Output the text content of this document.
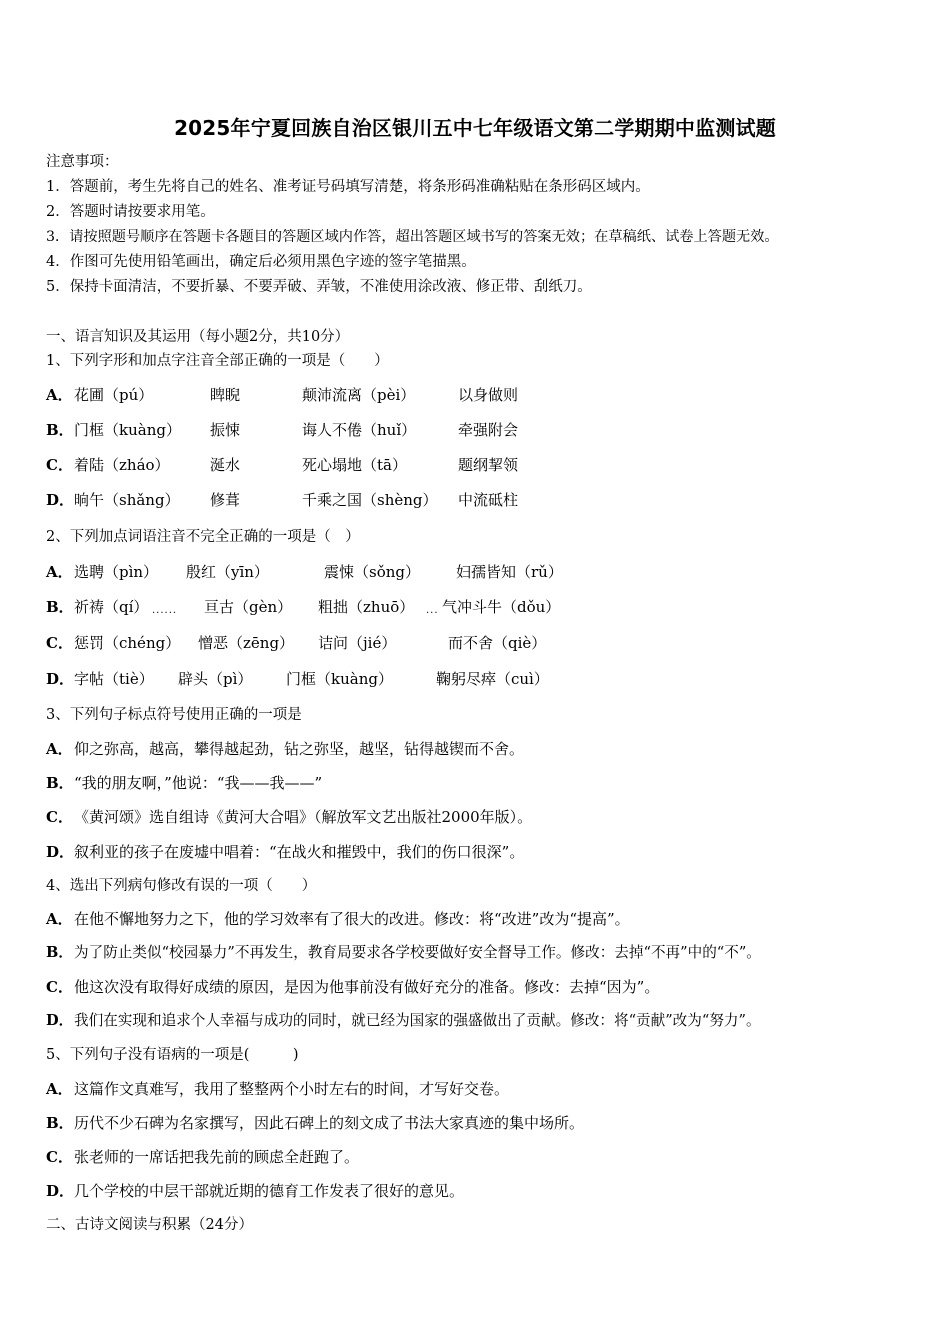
2025年宁夏回族自治区银川五中七年级语文第二学期期中监测试题
注意事项：
1．答题前，考生先将自己的姓名、准考证号码填写清楚，将条形码准确粘贴在条形码区域内。
2．答题时请按要求用笔。
3．请按照题号顺序在答题卡各题目的答题区域内作答，超出答题区域书写的答案无效；在草稿纸、试卷上答题无效。
4．作图可先使用铅笔画出，确定后必须用黑色字迹的签字笔描黑。
5．保持卡面清洁，不要折暴、不要弄破、弄皱，不准使用涂改液、修正带、刮纸刀。
一、语言知识及其运用（每小题2分，共10分）
1、下列字形和加点字注音全部正确的一项是（　　）
A． 花圃（pú）	睥睨	颠沛流离（pèi）	以身做则
B． 门框（kuàng） 振悚	诲人不倦（huǐ）	牵强附会
C． 着陆（zháo）	涎水	死心塌地（tā）	题纲挈领
D． 晌午（shǎng） 修葺	千乘之国（shèng） 中流砥柱
2、下列加点词语注音不完全正确的一项是（　）
A． 选聘（pìn） 殷红（yīn）	震悚（sǒng） 妇孺皆知（rǔ）
B． 祈祷（qí） ...... 亘古（gèn） 粗拙（zhuō） ... 气冲斗牛（dǒu）
C． 惩罚（chéng） 憎恶（zēng） 诘问（jié）	而不舍（qiè）
D． 字帖（tiè） 辟头（pì） 门框（kuàng）	鞠躬尽瘁（cuì）
3、下列句子标点符号使用正确的一项是
A．仰之弥高，越高，攀得越起劲，钻之弥坚，越坚，钻得越锲而不舍。
B．“我的朋友啊，”他说：“我——我——”
C．《黄河颂》选自组诗《黄河大合唱》（解放军文艺出版社2000年版）。
D．叙利亚的孩子在废墟中唱着：“在战火和摧毁中，我们的伤口很深”。
4、选出下列病句修改有误的一项（　　）
A．在他不懈地努力之下，他的学习效率有了很大的改进。修改：将“改进”改为“提高”。
B．为了防止类似“校园暴力”不再发生，教育局要求各学校要做好安全督导工作。修改：去掉“不再”中的“不”。
C．他这次没有取得好成绩的原因，是因为他事前没有做好充分的准备。修改：去掉“因为”。
D．我们在实现和追求个人幸福与成功的同时，就已经为国家的强盛做出了贡献。修改：将“贡献”改为“努力”。
5、下列句子没有语病的一项是(　　　)
A．这篇作文真难写，我用了整整两个小时左右的时间，才写好交卷。
B．历代不少石碑为名家撰写，因此石碑上的刻文成了书法大家真迹的集中场所。
C．张老师的一席话把我先前的顾虑全赶跑了。
D．几个学校的中层干部就近期的德育工作发表了很好的意见。
二、古诗文阅读与积累（24分）
